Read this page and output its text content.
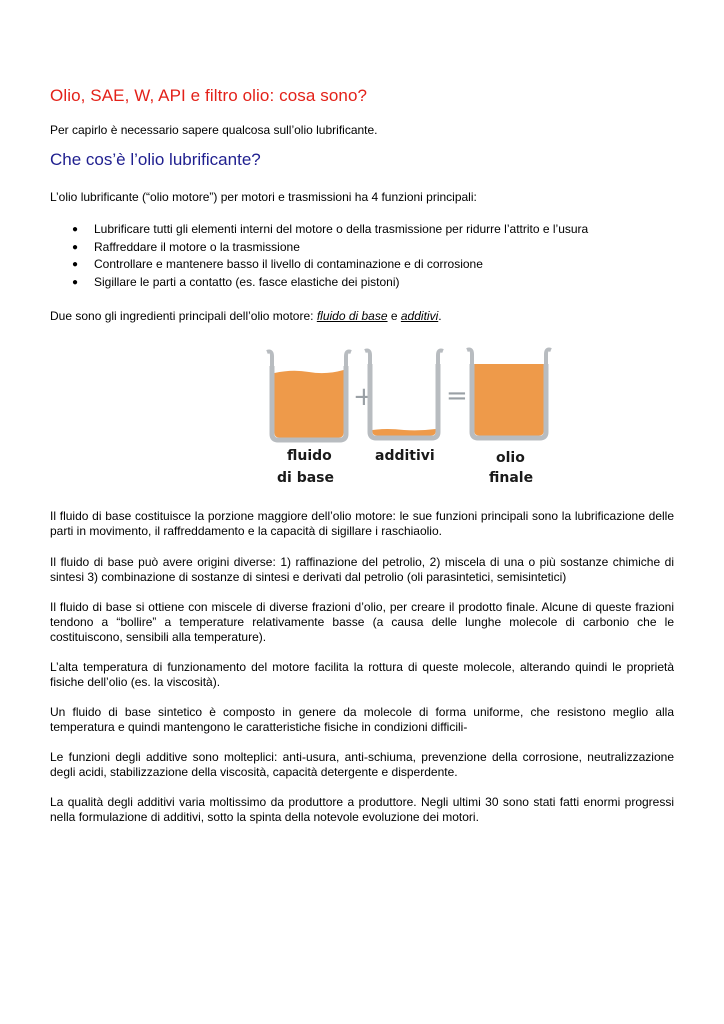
Olio, SAE, W, API e filtro olio: cosa sono?

Per capirlo è necessario sapere qualcosa sull’olio lubrificante.

Che cos’è l’olio lubrificante?

L’olio lubrificante (“olio motore”) per motori e trasmissioni ha 4 funzioni principali:

● Lubrificare tutti gli elementi interni del motore o della trasmissione per ridurre l’attrito e l’usura
● Raffreddare il motore o la trasmissione
● Controllare e mantenere basso il livello di contaminazione e di corrosione
● Sigillare le parti a contatto (es. fasce elastiche dei pistoni)

Due sono gli ingredienti principali dell’olio motore: fluido di base e additivi.

+	=
fluido
di base
additivi	olio
finale

Il fluido di base costituisce la porzione maggiore dell’olio motore: le sue funzioni principali sono la lubrificazione delle parti in movimento, il raffreddamento e la capacità di sigillare i raschiaolio.

Il fluido di base può avere origini diverse: 1) raffinazione del petrolio, 2) miscela di una o più sostanze chimiche di sintesi 3) combinazione di sostanze di sintesi e derivati dal petrolio (oli parasintetici, semisintetici)

Il fluido di base si ottiene con miscele di diverse frazioni d’olio, per creare il prodotto finale. Alcune di queste frazioni tendono a “bollire” a temperature relativamente basse (a causa delle lunghe molecole di carbonio che le costituiscono, sensibili alla temperature).

L’alta temperatura di funzionamento del motore facilita la rottura di queste molecole, alterando quindi le proprietà fisiche dell’olio (es. la viscosità).

Un fluido di base sintetico è composto in genere da molecole di forma uniforme, che resistono meglio alla temperatura e quindi mantengono le caratteristiche fisiche in condizioni difficili-

Le funzioni degli additive sono molteplici: anti-usura, anti-schiuma, prevenzione della corrosione, neutralizzazione degli acidi, stabilizzazione della viscosità, capacità detergente e disperdente.

La qualità degli additivi varia moltissimo da produttore a produttore. Negli ultimi 30 sono stati fatti enormi progressi nella formulazione di additivi, sotto la spinta della notevole evoluzione dei motori.
